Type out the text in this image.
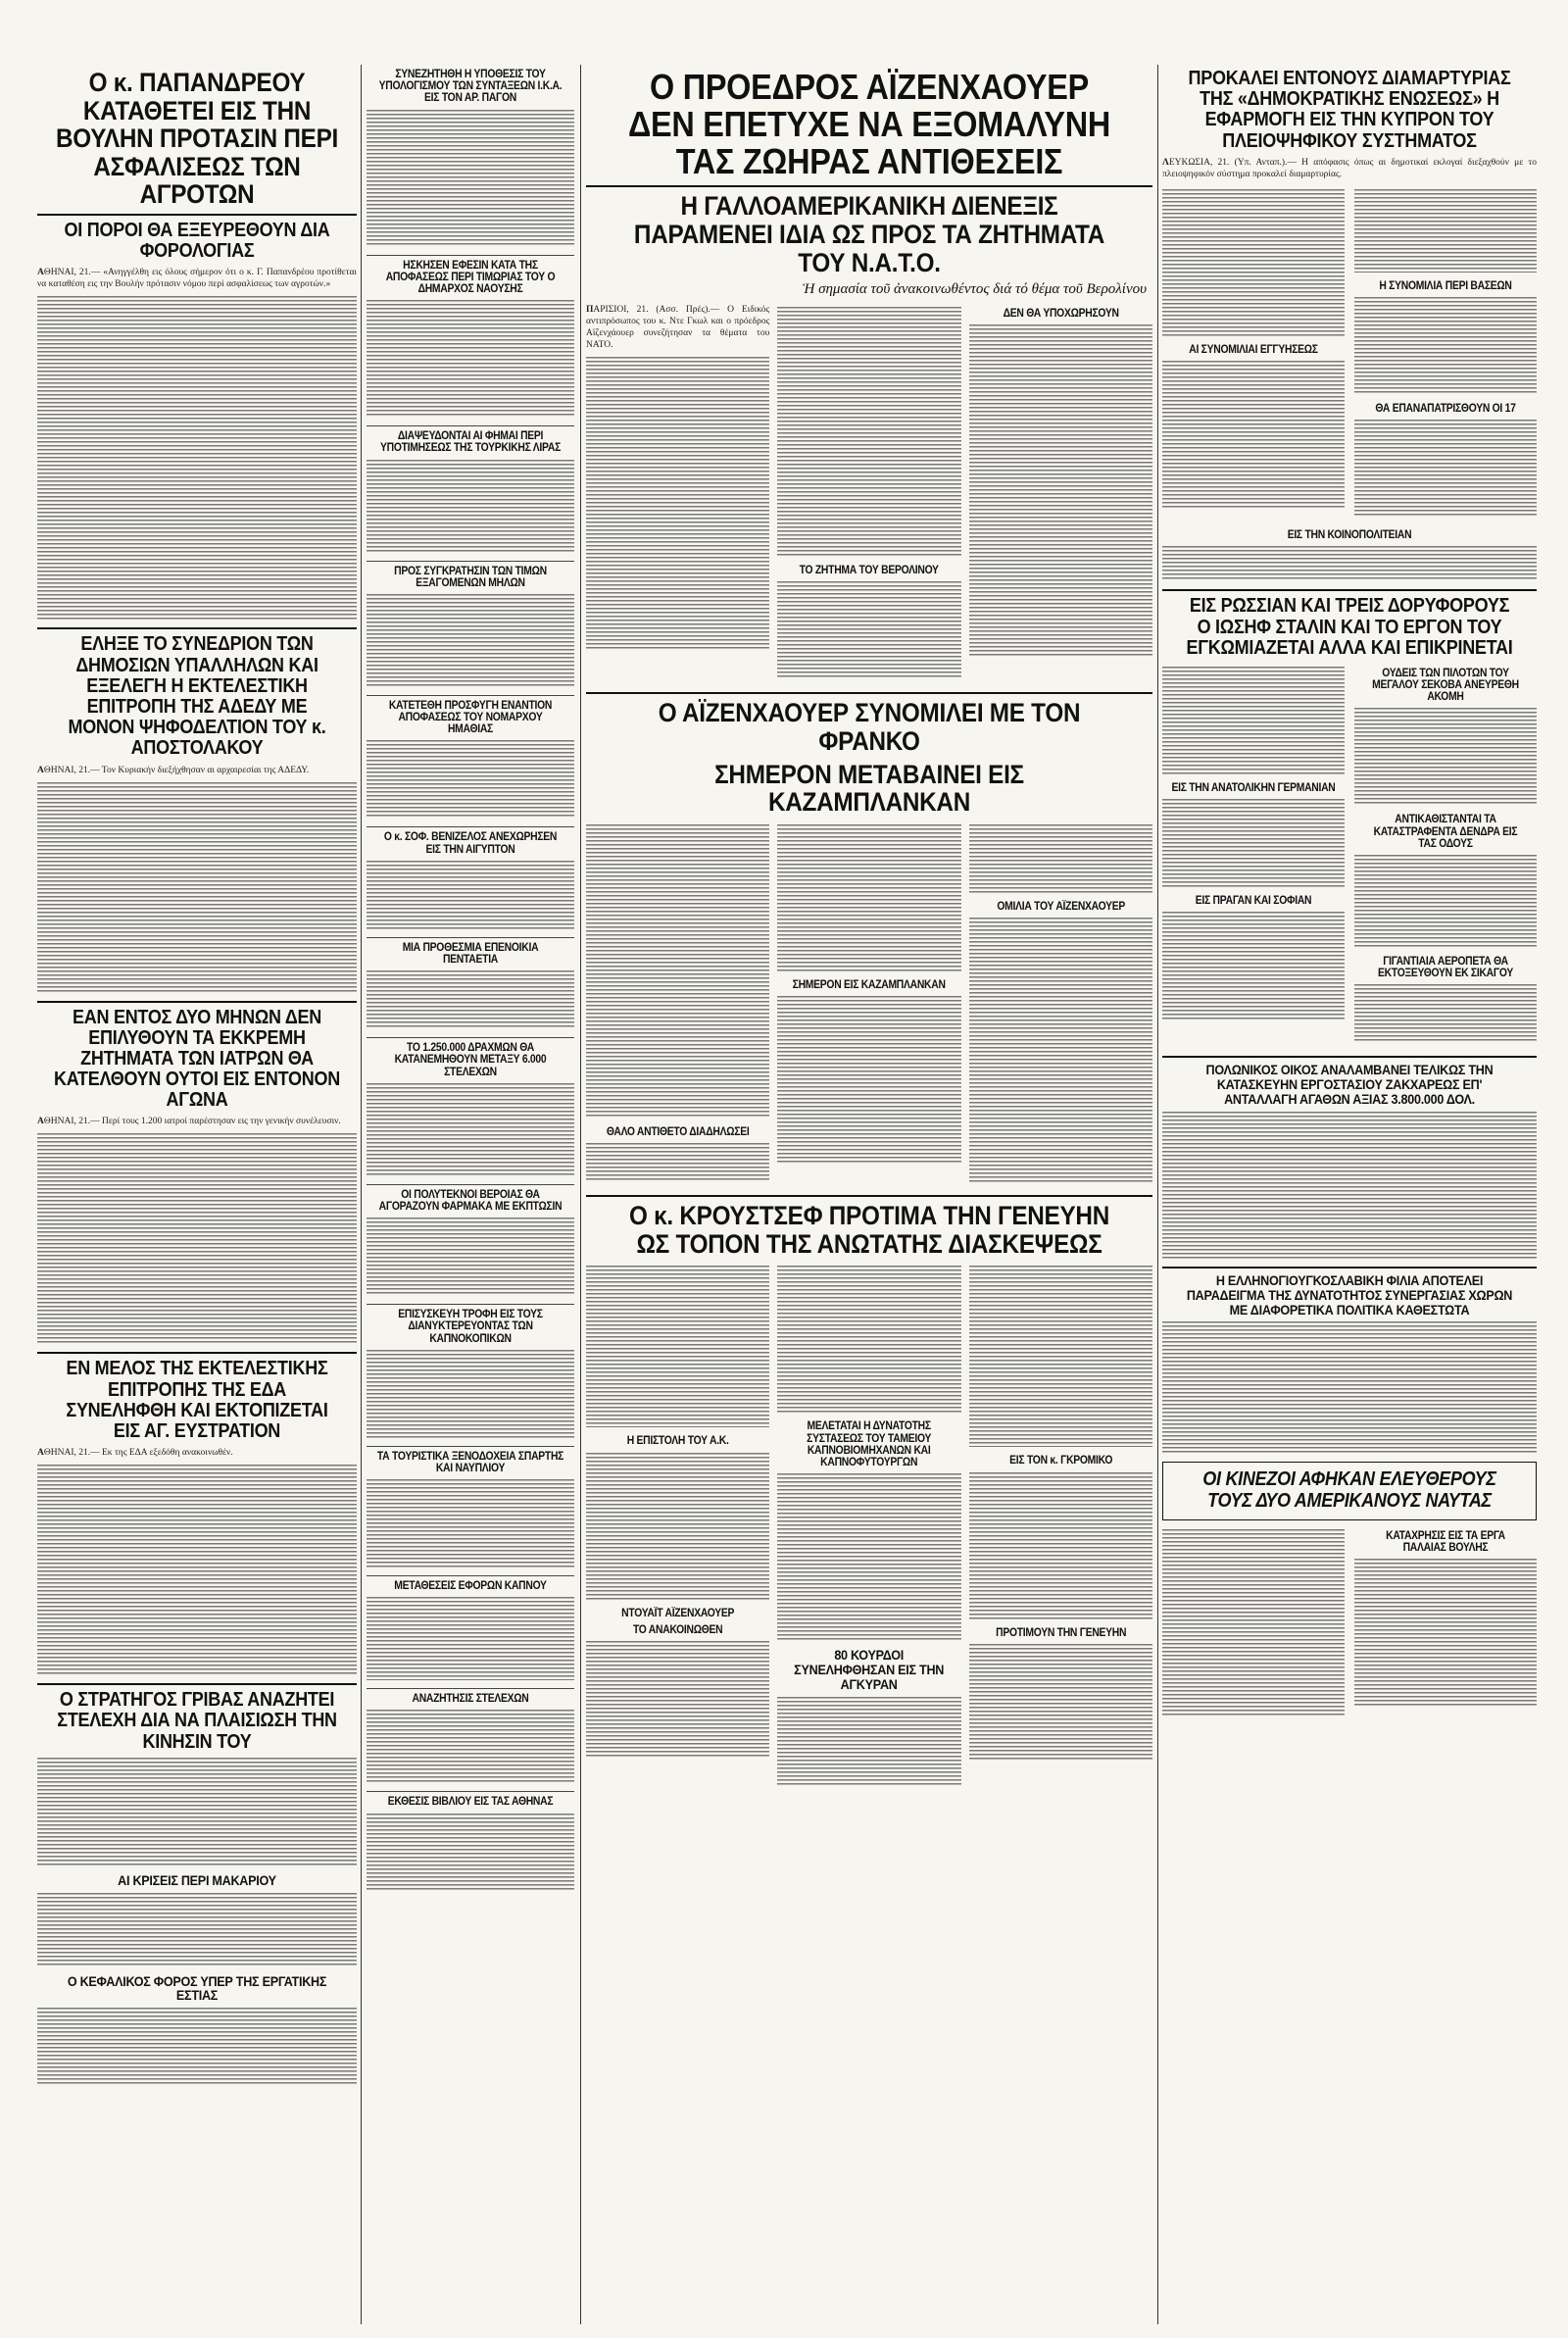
Ο κ. ΠΑΠΑΝΔΡΕΟΥ ΚΑΤΑΘΕΤΕΙ ΕΙΣ ΤΗΝ ΒΟΥΛΗΝ ΠΡΟΤΑΣΙΝ ΠΕΡΙ ΑΣΦΑΛΙΣΕΩΣ ΤΩΝ ΑΓΡΟΤΩΝ
ΟΙ ΠΟΡΟΙ ΘΑ ΕΞΕΥΡΕΘΟΥΝ ΔΙΑ ΦΟΡΟΛΟΓΙΑΣ

ΑΘΗΝΑΙ, 21.— «Ανηγγέλθη εις όλους σήμερον ότι ο κ. Γ. Παπανδρέου προτίθεται να καταθέση εις την Βουλήν πρότασιν νόμου περί ασφαλίσεως των αγροτών.»

ΕΛΗΞΕ ΤΟ ΣΥΝΕΔΡΙΟΝ ΤΩΝ ΔΗΜΟΣΙΩΝ ΥΠΑΛΛΗΛΩΝ ΚΑΙ ΕΞΕΛΕΓΗ Η ΕΚΤΕΛΕΣΤΙΚΗ ΕΠΙΤΡΟΠΗ ΤΗΣ ΑΔΕΔΥ ΜΕ ΜΟΝΟΝ ΨΗΦΟΔΕΛΤΙΟΝ ΤΟΥ κ. ΑΠΟΣΤΟΛΑΚΟΥ

ΑΘΗΝΑΙ, 21.— Τον Κυριακήν διεξήχθησαν αι αρχαιρεσίαι της ΑΔΕΔΥ.

ΕΑΝ ΕΝΤΟΣ ΔΥΟ ΜΗΝΩΝ ΔΕΝ ΕΠΙΛΥΘΟΥΝ ΤΑ ΕΚΚΡΕΜΗ ΖΗΤΗΜΑΤΑ ΤΩΝ ΙΑΤΡΩΝ ΘΑ ΚΑΤΕΛΘΟΥΝ ΟΥΤΟΙ ΕΙΣ ΕΝΤΟΝΟΝ ΑΓΩΝΑ

ΑΘΗΝΑΙ, 21.— Περί τους 1.200 ιατροί παρέστησαν εις την γενικήν συνέλευσιν.

ΕΝ ΜΕΛΟΣ ΤΗΣ ΕΚΤΕΛΕΣΤΙΚΗΣ ΕΠΙΤΡΟΠΗΣ ΤΗΣ ΕΔΑ ΣΥΝΕΛΗΦΘΗ ΚΑΙ ΕΚΤΟΠΙΖΕΤΑΙ ΕΙΣ ΑΓ. ΕΥΣΤΡΑΤΙΟΝ

ΑΘΗΝΑΙ, 21.— Εκ της ΕΔΑ εξεδόθη ανακοινωθέν.

Ο ΣΤΡΑΤΗΓΟΣ ΓΡΙΒΑΣ ΑΝΑΖΗΤΕΙ ΣΤΕΛΕΧΗ ΔΙΑ ΝΑ ΠΛΑΙΣΙΩΣΗ ΤΗΝ ΚΙΝΗΣΙΝ ΤΟΥ
ΑΙ ΚΡΙΣΕΙΣ ΠΕΡΙ ΜΑΚΑΡΙΟΥ
Ο ΚΕΦΑΛΙΚΟΣ ΦΟΡΟΣ ΥΠΕΡ ΤΗΣ ΕΡΓΑΤΙΚΗΣ ΕΣΤΙΑΣ
ΣΥΝΕΖΗΤΗΘΗ Η ΥΠΟΘΕΣΙΣ ΤΟΥ ΥΠΟΛΟΓΙΣΜΟΥ ΤΩΝ ΣΥΝΤΑΞΕΩΝ Ι.Κ.Α. ΕΙΣ ΤΟΝ ΑΡ. ΠΑΓΟΝ
ΗΣΚΗΣΕΝ ΕΦΕΣΙΝ ΚΑΤΑ ΤΗΣ ΑΠΟΦΑΣΕΩΣ ΠΕΡΙ ΤΙΜΩΡΙΑΣ ΤΟΥ Ο ΔΗΜΑΡΧΟΣ ΝΑΟΥΣΗΣ
ΔΙΑΨΕΥΔΟΝΤΑΙ ΑΙ ΦΗΜΑΙ ΠΕΡΙ ΥΠΟΤΙΜΗΣΕΩΣ ΤΗΣ ΤΟΥΡΚΙΚΗΣ ΛΙΡΑΣ
ΠΡΟΣ ΣΥΓΚΡΑΤΗΣΙΝ ΤΩΝ ΤΙΜΩΝ ΕΞΑΓΟΜΕΝΩΝ ΜΗΛΩΝ
ΚΑΤΕΤΕΘΗ ΠΡΟΣΦΥΓΗ ΕΝΑΝΤΙΟΝ ΑΠΟΦΑΣΕΩΣ ΤΟΥ ΝΟΜΑΡΧΟΥ ΗΜΑΘΙΑΣ
Ο κ. ΣΟΦ. ΒΕΝΙΖΕΛΟΣ ΑΝΕΧΩΡΗΣΕΝ ΕΙΣ ΤΗΝ ΑΙΓΥΠΤΟΝ
ΜΙΑ ΠΡΟΘΕΣΜΙΑ ΕΠΕΝΟΙΚΙΑ ΠΕΝΤΑΕΤΙΑ
ΤΟ 1.250.000 ΔΡΑΧΜΩΝ ΘΑ ΚΑΤΑΝΕΜΗΘΟΥΝ ΜΕΤΑΞΥ 6.000 ΣΤΕΛΕΧΩΝ
ΟΙ ΠΟΛΥΤΕΚΝΟΙ ΒΕΡΟΙΑΣ ΘΑ ΑΓΟΡΑΖΟΥΝ ΦΑΡΜΑΚΑ ΜΕ ΕΚΠΤΩΣΙΝ
ΕΠΙΣΥΣΚΕΥΗ ΤΡΟΦΗ ΕΙΣ ΤΟΥΣ ΔΙΑΝΥΚΤΕΡΕΥΟΝΤΑΣ ΤΩΝ ΚΑΠΝΟΚΟΠΙΚΩΝ
ΤΑ ΤΟΥΡΙΣΤΙΚΑ ΞΕΝΟΔΟΧΕΙΑ ΣΠΑΡΤΗΣ ΚΑΙ ΝΑΥΠΛΙΟΥ
ΜΕΤΑΘΕΣΕΙΣ ΕΦΟΡΩΝ ΚΑΠΝΟΥ
ΑΝΑΖΗΤΗΣΙΣ ΣΤΕΛΕΧΩΝ
ΕΚΘΕΣΙΣ ΒΙΒΛΙΟΥ ΕΙΣ ΤΑΣ ΑΘΗΝΑΣ
Ο ΠΡΟΕΔΡΟΣ ΑΪΖΕΝΧΑΟΥΕΡ ΔΕΝ ΕΠΕΤΥΧΕ ΝΑ ΕΞΟΜΑΛΥΝΗ ΤΑΣ ΖΩΗΡΑΣ ΑΝΤΙΘΕΣΕΙΣ
Η ΓΑΛΛΟΑΜΕΡΙΚΑΝΙΚΗ ΔΙΕΝΕΞΙΣ ΠΑΡΑΜΕΝΕΙ ΙΔΙΑ ΩΣ ΠΡΟΣ ΤΑ ΖΗΤΗΜΑΤΑ ΤΟΥ Ν.Α.Τ.Ο.
Ἡ σημασία τοῦ ἀνακοινωθέντος διά τό θέμα τοῦ Βερολίνου

ΠΑΡΙΣΙΟΙ, 21. (Ασσ. Πρές).— Ο Ειδικός αντιπρόσωπος του κ. Ντε Γκωλ και ο πρόεδρος Αϊζενχάουερ συνεζήτησαν τα θέματα του ΝΑΤΟ.

ΤΟ ΖΗΤΗΜΑ ΤΟΥ ΒΕΡΟΛΙΝΟΥ
ΔΕΝ ΘΑ ΥΠΟΧΩΡΗΣΟΥΝ
Ο ΑΪΖΕΝΧΑΟΥΕΡ ΣΥΝΟΜΙΛΕΙ ΜΕ ΤΟΝ ΦΡΑΝΚΟ
ΣΗΜΕΡΟΝ ΜΕΤΑΒΑΙΝΕΙ ΕΙΣ ΚΑΖΑΜΠΛΑΝΚΑΝ
ΘΑΛΟ ΑΝΤΙΘΕΤΟ ΔΙΑΔΗΛΩΣΕΙ
ΣΗΜΕΡΟΝ ΕΙΣ ΚΑΖΑΜΠΛΑΝΚΑΝ
ΟΜΙΛΙΑ ΤΟΥ ΑΪΖΕΝΧΑΟΥΕΡ
Ο κ. ΚΡΟΥΣΤΣΕΦ ΠΡΟΤΙΜΑ ΤΗΝ ΓΕΝΕΥΗΝ ΩΣ ΤΟΠΟΝ ΤΗΣ ΑΝΩΤΑΤΗΣ ΔΙΑΣΚΕΨΕΩΣ
Η ΕΠΙΣΤΟΛΗ ΤΟΥ Α.Κ.
ΝΤΟΥΑΪΤ ΑΪΖΕΝΧΑΟΥΕΡ
ΤΟ ΑΝΑΚΟΙΝΩΘΕΝ
ΜΕΛΕΤΑΤΑΙ Η ΔΥΝΑΤΟΤΗΣ ΣΥΣΤΑΣΕΩΣ ΤΟΥ ΤΑΜΕΙΟΥ ΚΑΠΝΟΒΙΟΜΗΧΑΝΩΝ ΚΑΙ ΚΑΠΝΟΦΥΤΟΥΡΓΩΝ
80 ΚΟΥΡΔΟΙ ΣΥΝΕΛΗΦΘΗΣΑΝ ΕΙΣ ΤΗΝ ΑΓΚΥΡΑΝ
ΕΙΣ ΤΟΝ κ. ΓΚΡΟΜΙΚΟ
ΠΡΟΤΙΜΟΥΝ ΤΗΝ ΓΕΝΕΥΗΝ
ΠΡΟΚΑΛΕΙ ΕΝΤΟΝΟΥΣ ΔΙΑΜΑΡΤΥΡΙΑΣ ΤΗΣ «ΔΗΜΟΚΡΑΤΙΚΗΣ ΕΝΩΣΕΩΣ» Η ΕΦΑΡΜΟΓΗ ΕΙΣ ΤΗΝ ΚΥΠΡΟΝ ΤΟΥ ΠΛΕΙΟΨΗΦΙΚΟΥ ΣΥΣΤΗΜΑΤΟΣ

ΛΕΥΚΩΣΙΑ, 21. (Υπ. Ανταπ.).— Η απόφασις όπως αι δημοτικαί εκλογαί διεξαχθούν με το πλειοψηφικόν σύστημα προκαλεί διαμαρτυρίας.

ΑΙ ΣΥΝΟΜΙΛΙΑΙ ΕΓΓΥΗΣΕΩΣ
Η ΣΥΝΟΜΙΛΙΑ ΠΕΡΙ ΒΑΣΕΩΝ
ΘΑ ΕΠΑΝΑΠΑΤΡΙΣΘΟΥΝ ΟΙ 17
ΕΙΣ ΤΗΝ ΚΟΙΝΟΠΟΛΙΤΕΙΑΝ
ΕΙΣ ΡΩΣΣΙΑΝ ΚΑΙ ΤΡΕΙΣ ΔΟΡΥΦΟΡΟΥΣ Ο ΙΩΣΗΦ ΣΤΑΛΙΝ ΚΑΙ ΤΟ ΕΡΓΟΝ ΤΟΥ ΕΓΚΩΜΙΑΖΕΤΑΙ ΑΛΛΑ ΚΑΙ ΕΠΙΚΡΙΝΕΤΑΙ
ΕΙΣ ΤΗΝ ΑΝΑΤΟΛΙΚΗΝ ΓΕΡΜΑΝΙΑΝ
ΕΙΣ ΠΡΑΓΑΝ ΚΑΙ ΣΟΦΙΑΝ
ΟΥΔΕΙΣ ΤΩΝ ΠΙΛΟΤΩΝ ΤΟΥ ΜΕΓΑΛΟΥ ΣΕΚΟΒΑ ΑΝΕΥΡΕΘΗ ΑΚΟΜΗ
ΑΝΤΙΚΑΘΙΣΤΑΝΤΑΙ ΤΑ ΚΑΤΑΣΤΡΑΦΕΝΤΑ ΔΕΝΔΡΑ ΕΙΣ ΤΑΣ ΟΔΟΥΣ
ΓΙΓΑΝΤΙΑΙΑ ΑΕΡΟΠΕΤΑ ΘΑ ΕΚΤΟΞΕΥΘΟΥΝ ΕΚ ΣΙΚΑΓΟΥ
ΠΟΛΩΝΙΚΟΣ ΟΙΚΟΣ ΑΝΑΛΑΜΒΑΝΕΙ ΤΕΛΙΚΩΣ ΤΗΝ ΚΑΤΑΣΚΕΥΗΝ ΕΡΓΟΣΤΑΣΙΟΥ ΖΑΚΧΑΡΕΩΣ ΕΠ' ΑΝΤΑΛΛΑΓΗ ΑΓΑΘΩΝ ΑΞΙΑΣ 3.800.000 ΔΟΛ.
Η ΕΛΛΗΝΟΓΙΟΥΓΚΟΣΛΑΒΙΚΗ ΦΙΛΙΑ ΑΠΟΤΕΛΕΙ ΠΑΡΑΔΕΙΓΜΑ ΤΗΣ ΔΥΝΑΤΟΤΗΤΟΣ ΣΥΝΕΡΓΑΣΙΑΣ ΧΩΡΩΝ ΜΕ ΔΙΑΦΟΡΕΤΙΚΑ ΠΟΛΙΤΙΚΑ ΚΑΘΕΣΤΩΤΑ
ΟΙ ΚΙΝΕΖΟΙ ΑΦΗΚΑΝ ΕΛΕΥΘΕΡΟΥΣ ΤΟΥΣ ΔΥΟ ΑΜΕΡΙΚΑΝΟΥΣ ΝΑΥΤΑΣ
ΚΑΤΑΧΡΗΣΙΣ ΕΙΣ ΤΑ ΕΡΓΑ ΠΑΛΑΙΑΣ ΒΟΥΛΗΣ
